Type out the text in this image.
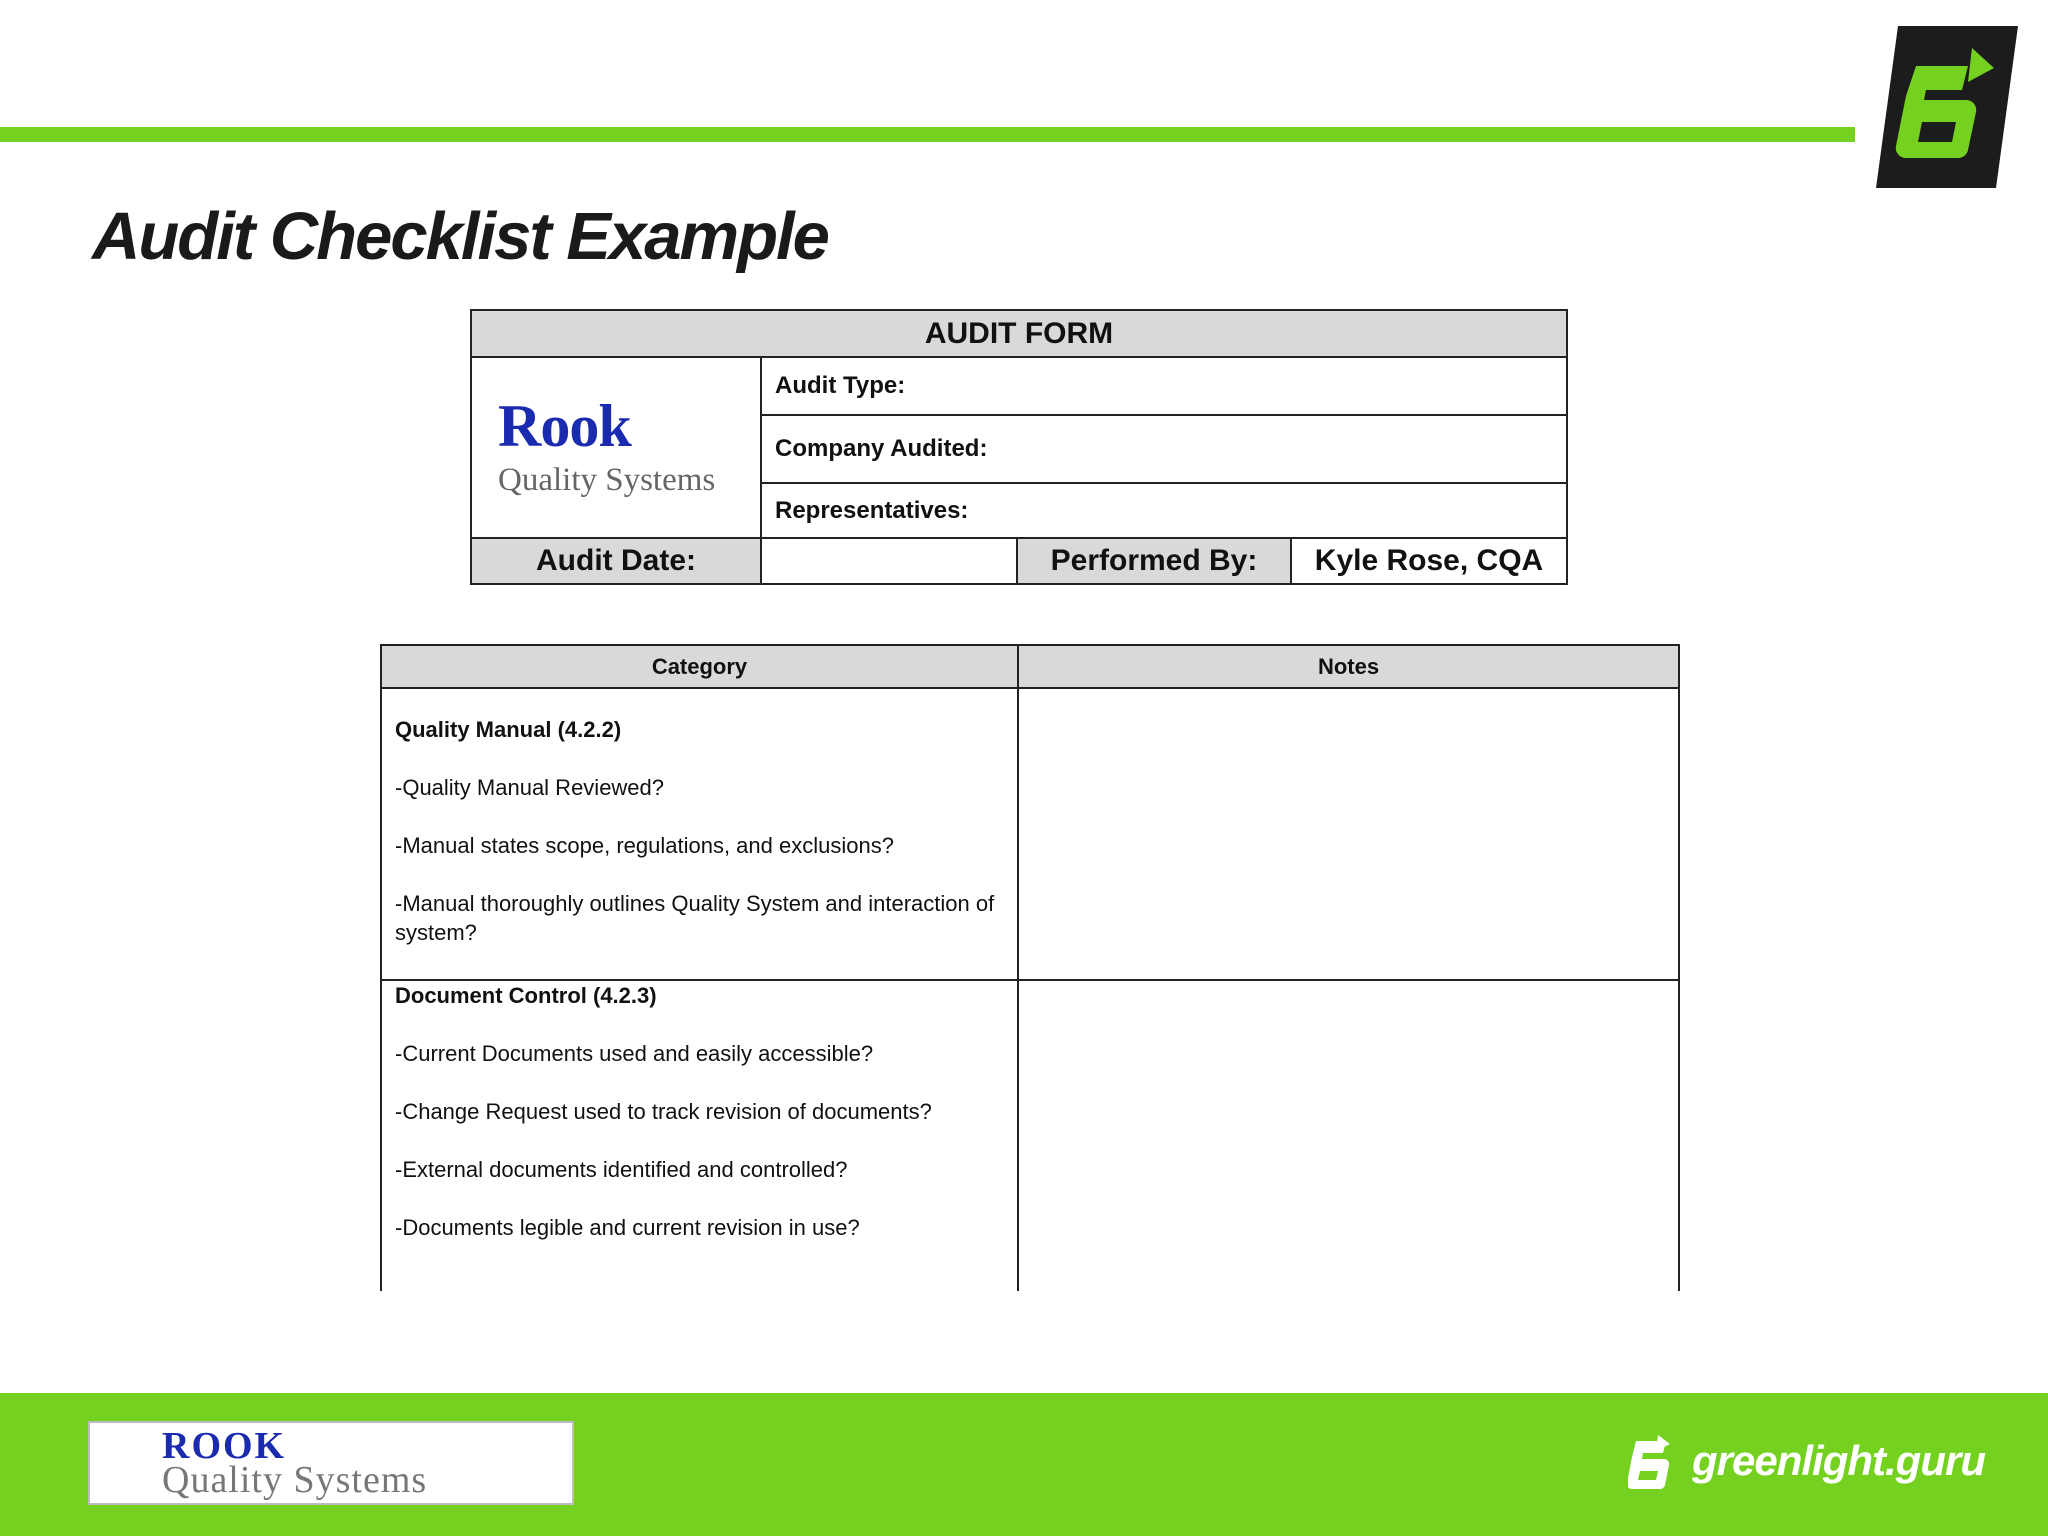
Audit Checklist Example
AUDIT FORM			

Rook
Quality Systems	Audit Type:		
	Company Audited:		
	Representatives:		
Audit Date:		Performed By:	Kyle Rose, CQA
Category	Notes

Quality Manual (4.2.2)
-Quality Manual Reviewed?
-Manual states scope, regulations, and exclusions?
-Manual thoroughly outlines Quality System and interaction of system?	

Document Control (4.2.3)
-Current Documents used and easily accessible?
-Change Request used to track revision of documents?
-External documents identified and controlled?
-Documents legible and current revision in use?	

ROOK
Quality Systems	greenlight.guru
